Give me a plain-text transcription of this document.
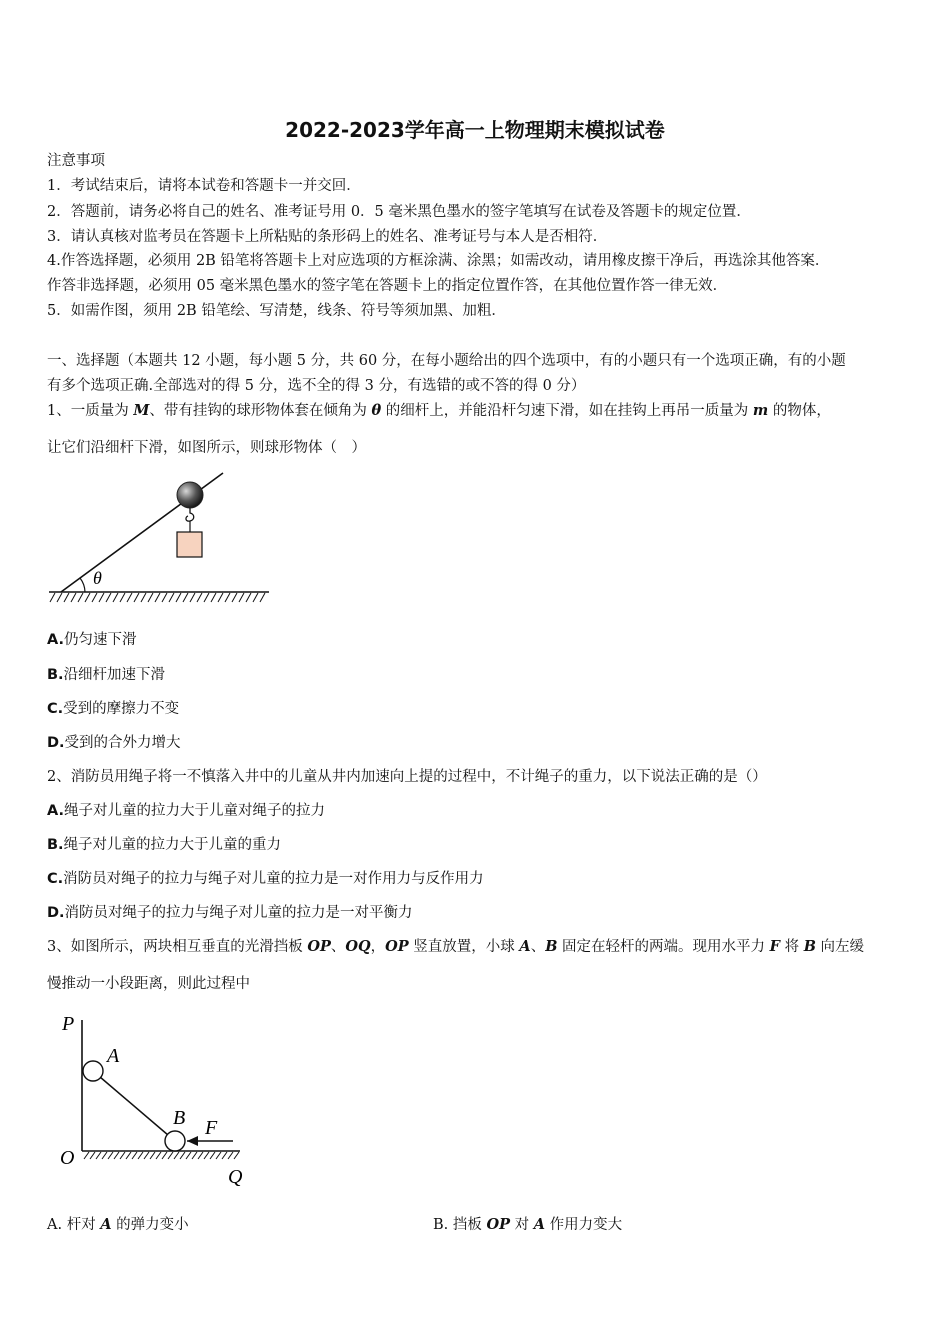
2022-2023学年高一上物理期末模拟试卷
注意事项
1．考试结束后，请将本试卷和答题卡一并交回．
2．答题前，请务必将自己的姓名、准考证号用 0．5 毫米黑色墨水的签字笔填写在试卷及答题卡的规定位置．
3．请认真核对监考员在答题卡上所粘贴的条形码上的姓名、准考证号与本人是否相符．
4.作答选择题，必须用 2B 铅笔将答题卡上对应选项的方框涂满、涂黑；如需改动，请用橡皮擦干净后，再选涂其他答案．
作答非选择题，必须用 05 毫米黑色墨水的签字笔在答题卡上的指定位置作答，在其他位置作答一律无效．
5．如需作图，须用 2B 铅笔绘、写清楚，线条、符号等须加黑、加粗．
一、选择题（本题共 12 小题，每小题 5 分，共 60 分，在每小题给出的四个选项中，有的小题只有一个选项正确，有的小题
有多个选项正确.全部选对的得 5 分，选不全的得 3 分，有选错的或不答的得 0 分）
1、一质量为 M、带有挂钩的球形物体套在倾角为 θ 的细杆上，并能沿杆匀速下滑，如在挂钩上再吊一质量为 m 的物体，
让它们沿细杆下滑，如图所示，则球形物体（　）
θ
A.仍匀速下滑
B.沿细杆加速下滑
C.受到的摩擦力不变
D.受到的合外力增大
2、消防员用绳子将一不慎落入井中的儿童从井内加速向上提的过程中，不计绳子的重力，以下说法正确的是（）
A.绳子对儿童的拉力大于儿童对绳子的拉力
B.绳子对儿童的拉力大于儿童的重力
C.消防员对绳子的拉力与绳子对儿童的拉力是一对作用力与反作用力
D.消防员对绳子的拉力与绳子对儿童的拉力是一对平衡力
3、如图所示，两块相互垂直的光滑挡板 OP、OQ，OP 竖直放置，小球 A、B 固定在轻杆的两端。现用水平力 F 将 B 向左缓
慢推动一小段距离，则此过程中
P
A
B F
O
Q
A. 杆对 A 的弹力变小	B. 挡板 OP 对 A 作用力变大
